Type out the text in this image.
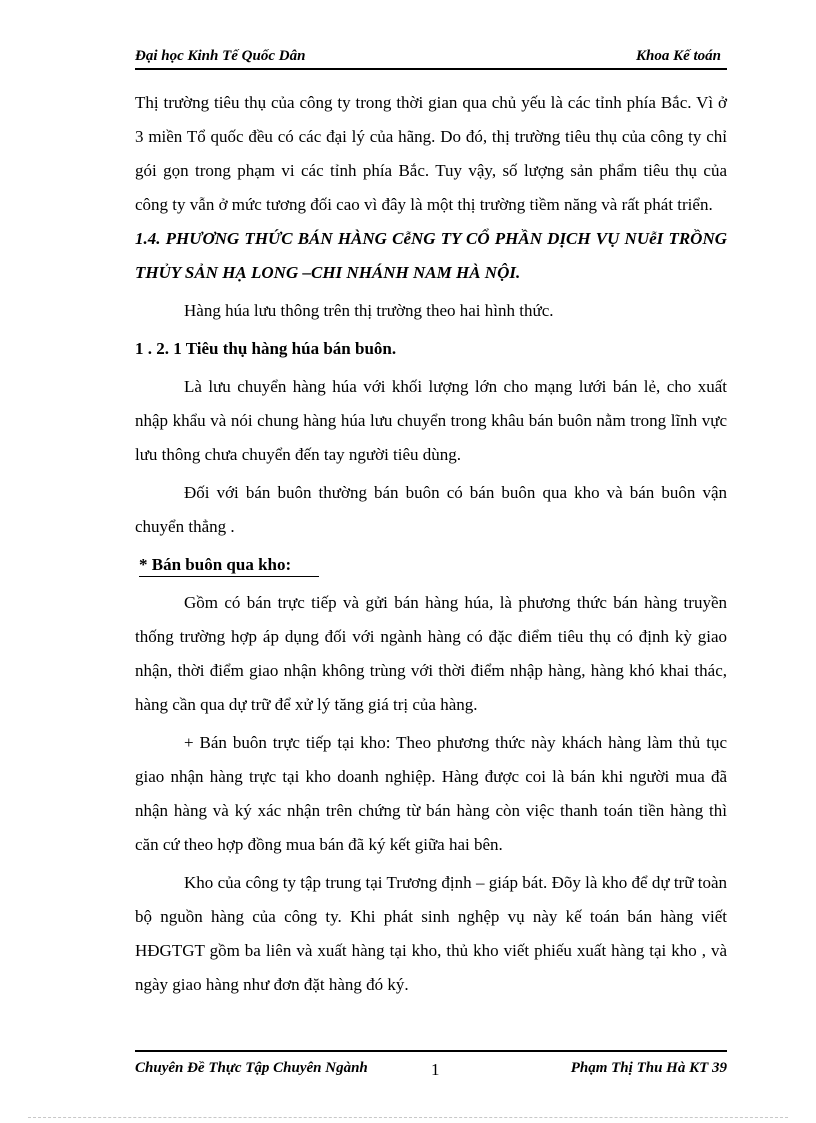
Đại học Kinh Tế Quốc Dân	Khoa Kế toán

Thị trường tiêu thụ của công ty trong thời gian qua chủ yếu là các tỉnh phía Bắc. Vì ở 3 miền Tổ quốc đều có các đại lý của hãng. Do đó, thị trường tiêu thụ của công ty chỉ gói gọn trong phạm vi các tỉnh phía Bắc. Tuy vậy, số lượng sản phẩm tiêu thụ của công ty vẫn ở mức tương đối cao vì đây là một thị trường tiềm năng và rất phát triển.

1.4. PHƯƠNG THỨC BÁN HÀNG CễNG TY CỔ PHẦN DỊCH VỤ NUễI TRỒNG THỦY SẢN HẠ LONG –CHI NHÁNH NAM HÀ NỘI.

Hàng húa lưu thông trên thị trường theo hai hình thức.

1 . 2. 1 Tiêu thụ hàng húa bán buôn.

Là lưu chuyển hàng húa với khối lượng lớn cho mạng lưới bán lẻ, cho xuất nhập khẩu và nói chung hàng húa lưu chuyển trong khâu bán buôn nằm trong lĩnh vực lưu thông chưa chuyển đến tay người tiêu dùng.

Đối với bán buôn thường bán buôn có bán buôn qua kho và bán buôn vận chuyển thẳng .

* Bán buôn qua kho:

Gồm có bán trực tiếp và gửi bán hàng húa, là phương thức bán hàng truyền thống trường hợp áp dụng đối với ngành hàng có đặc điểm tiêu thụ có định kỳ giao nhận, thời điểm giao nhận không trùng với thời điểm nhập hàng, hàng khó khai thác, hàng cần qua dự trữ để xử lý tăng giá trị của hàng.

+ Bán buôn trực tiếp tại kho: Theo phương thức này khách hàng làm thủ tục giao nhận hàng trực tại kho doanh nghiệp. Hàng được coi là bán khi người mua đã nhận hàng và ký xác nhận trên chứng từ bán hàng còn việc thanh toán tiền hàng thì căn cứ theo hợp đồng mua bán đã ký kết giữa hai bên.

Kho của công ty tập trung tại Trương định – giáp bát. Đõy là kho để dự trữ toàn bộ nguồn hàng của công ty. Khi phát sinh nghệp vụ này kế toán bán hàng viết HĐGTGT gồm ba liên và xuất hàng tại kho, thủ kho viết phiếu xuất hàng tại kho , và ngày giao hàng như đơn đặt hàng đó ký.

Chuyên Đề Thực Tập Chuyên Ngành	1	Phạm Thị Thu Hà KT 39
